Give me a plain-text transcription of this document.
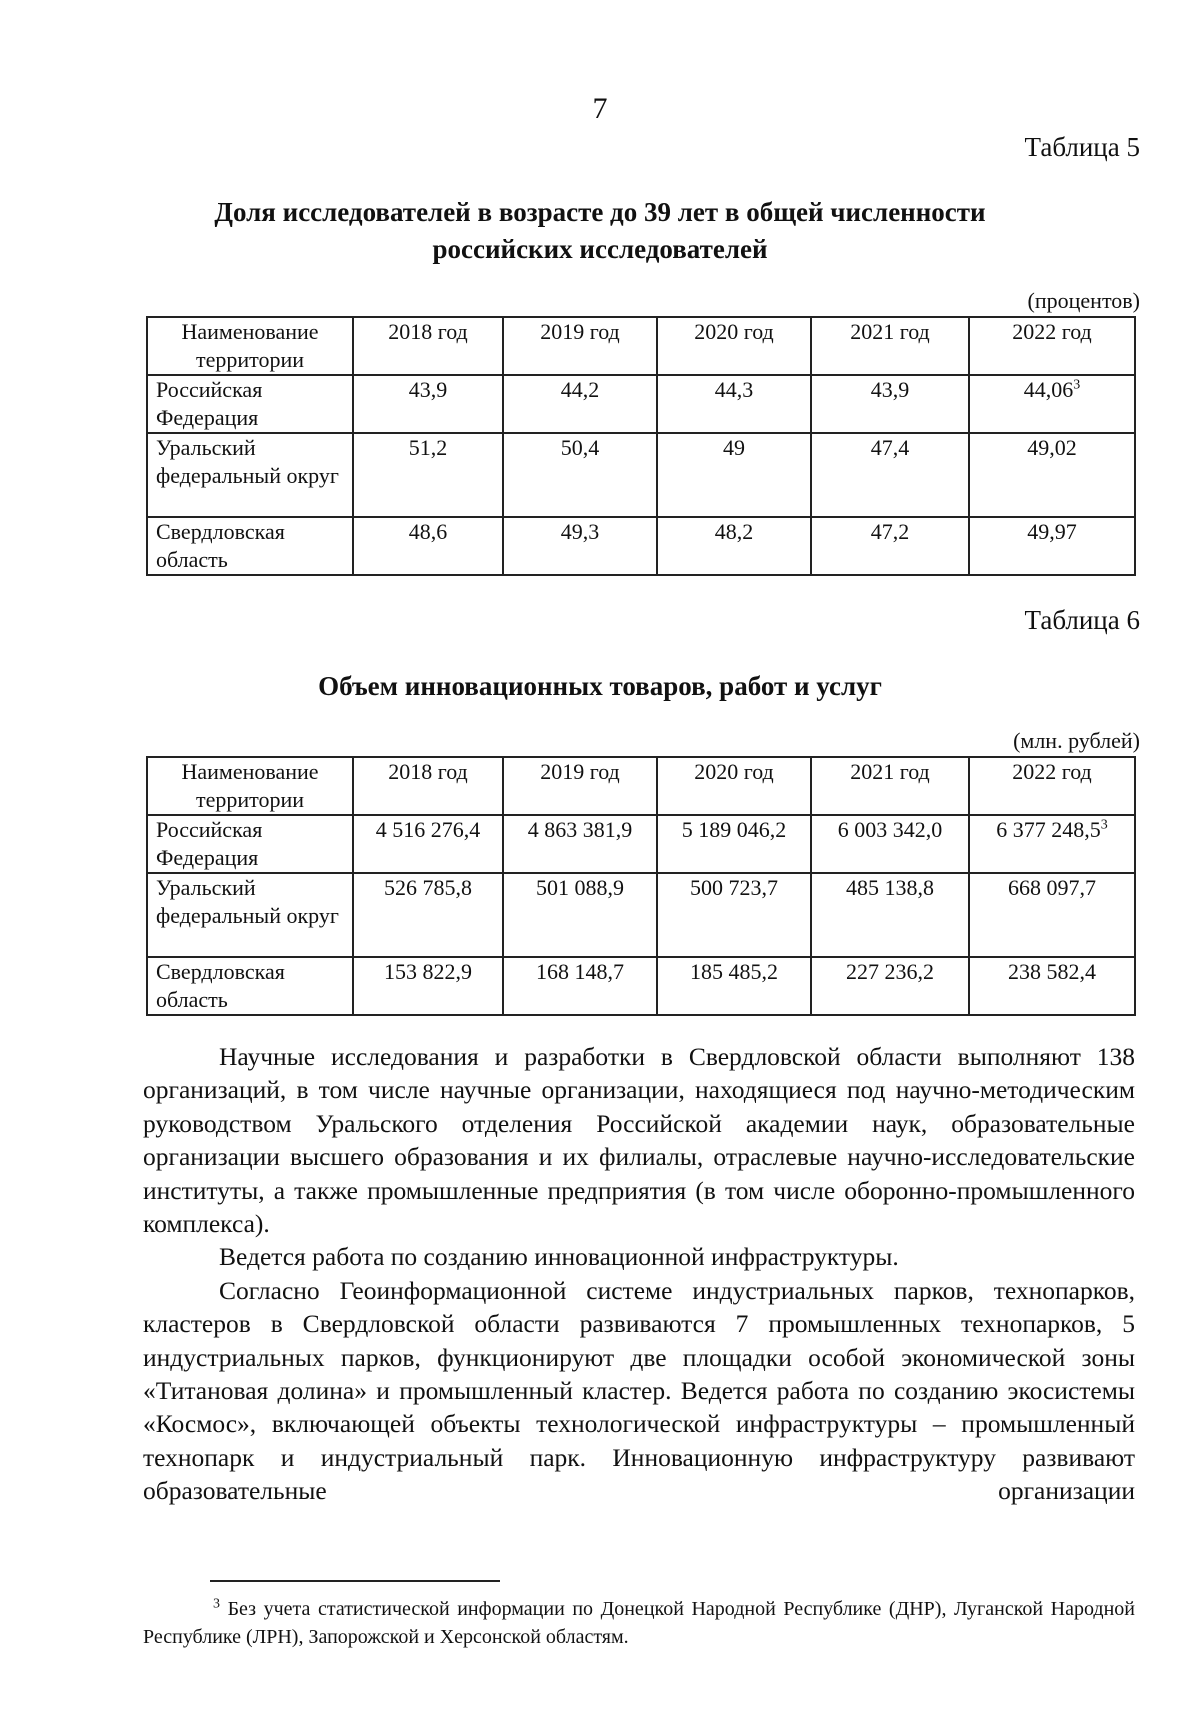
7
Таблица 5
Доля исследователей в возрасте до 39 лет в общей численности
российских исследователей
(процентов)
Наименование территории	2018 год	2019 год	2020 год	2021 год	2022 год
Российская Федерация	43,9	44,2	44,3	43,9	44,06$^3$
Уральский федеральный округ	51,2	50,4	49	47,4	49,02
Свердловская область	48,6	49,3	48,2	47,2	49,97
Таблица 6
Объем инновационных товаров, работ и услуг
(млн. рублей)
Наименование территории	2018 год	2019 год	2020 год	2021 год	2022 год
Российская Федерация	4 516 276,4	4 863 381,9	5 189 046,2	6 003 342,0	6 377 248,5$^3$
Уральский федеральный округ	526 785,8	501 088,9	500 723,7	485 138,8	668 097,7
Свердловская область	153 822,9	168 148,7	185 485,2	227 236,2	238 582,4

Научные исследования и разработки в Свердловской области выполняют 138 организаций, в том числе научные организации, находящиеся под научно-методическим руководством Уральского отделения Российской академии наук, образовательные организации высшего образования и их филиалы, отраслевые научно-исследовательские институты, а также промышленные предприятия (в том числе оборонно-промышленного комплекса).

Ведется работа по созданию инновационной инфраструктуры.

Согласно Геоинформационной системе индустриальных парков, технопарков, кластеров в Свердловской области развиваются 7 промышленных технопарков, 5 индустриальных парков, функционируют две площадки особой экономической зоны «Титановая долина» и промышленный кластер. Ведется работа по созданию экосистемы «Космос», включающей объекты технологической инфраструктуры – промышленный технопарк и индустриальный парк. Инновационную инфраструктуру развивают образовательные организации

$^3$ Без учета статистической информации по Донецкой Народной Республике (ДНР), Луганской Народной Республике (ЛРН), Запорожской и Херсонской областям.
